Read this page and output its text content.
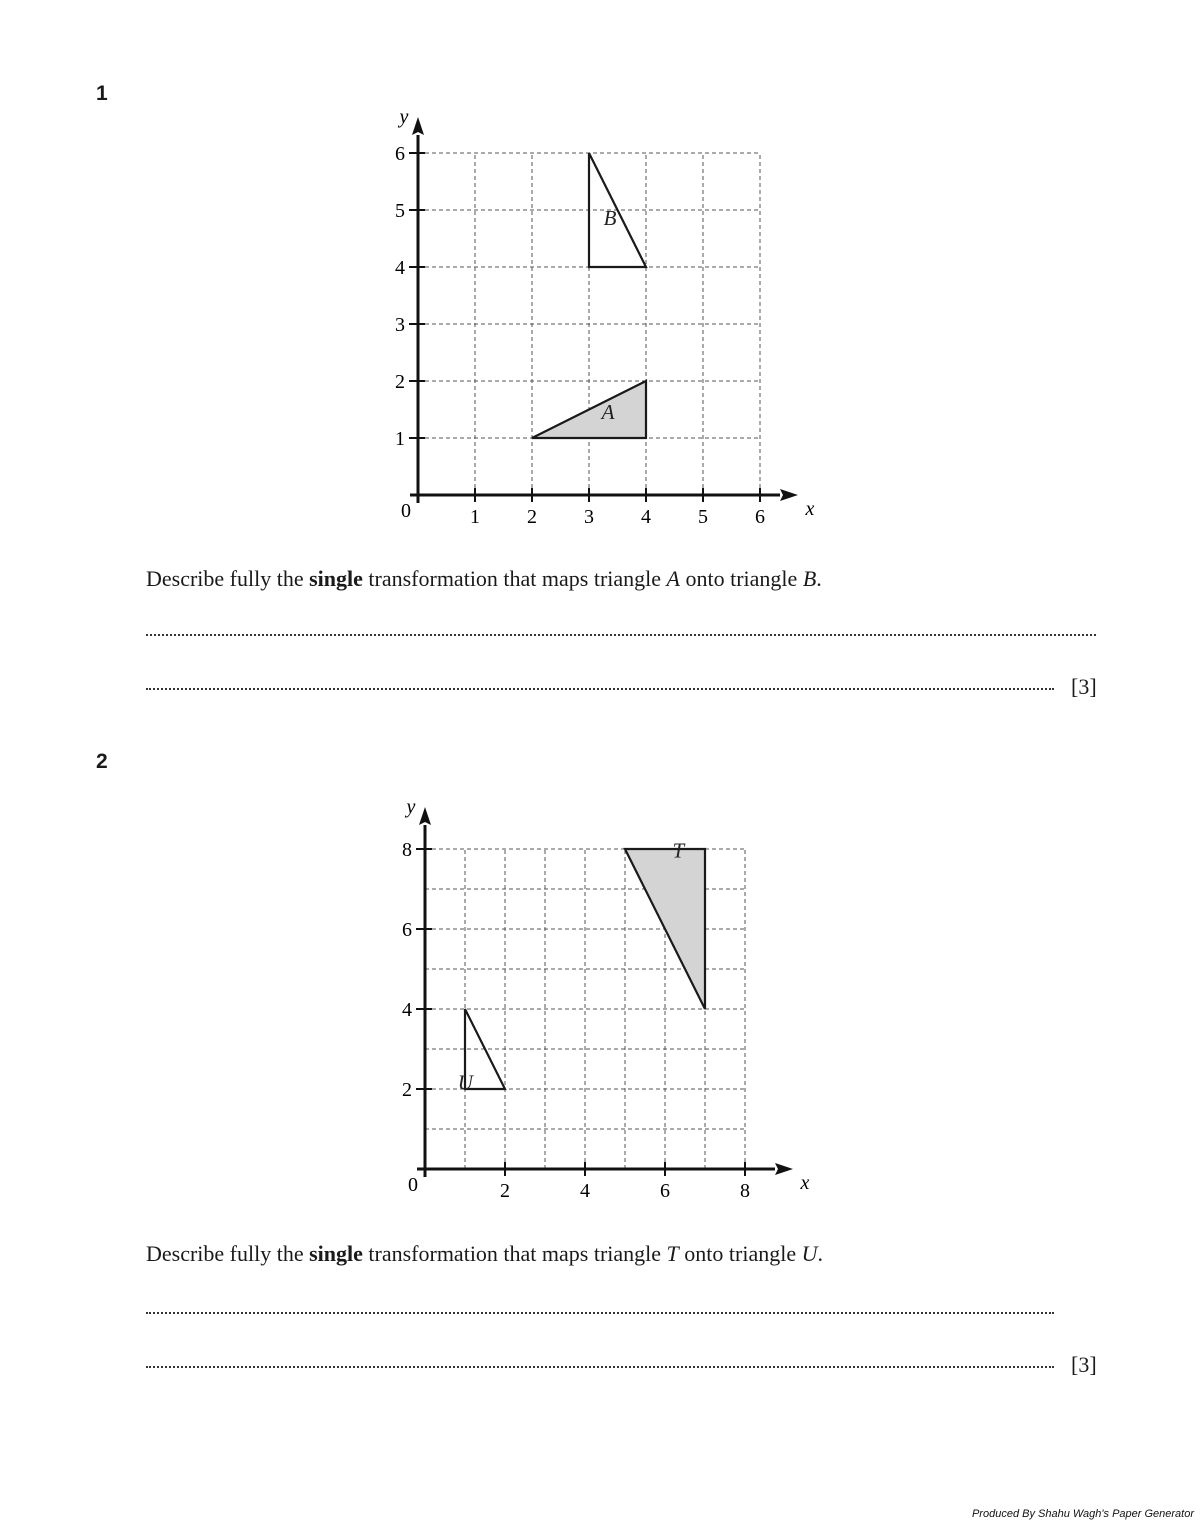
1
A
B
x
y
0	1 2 3 4 5 6
1
2
3
4
5
6
Describe fully the single transformation that maps triangle A onto triangle B.
[3]
2
T
U
x
y
0	2	4	6	8
2
4
6
8
Describe fully the single transformation that maps triangle T onto triangle U.
[3]
Produced By Shahu Wagh's Paper Generator
